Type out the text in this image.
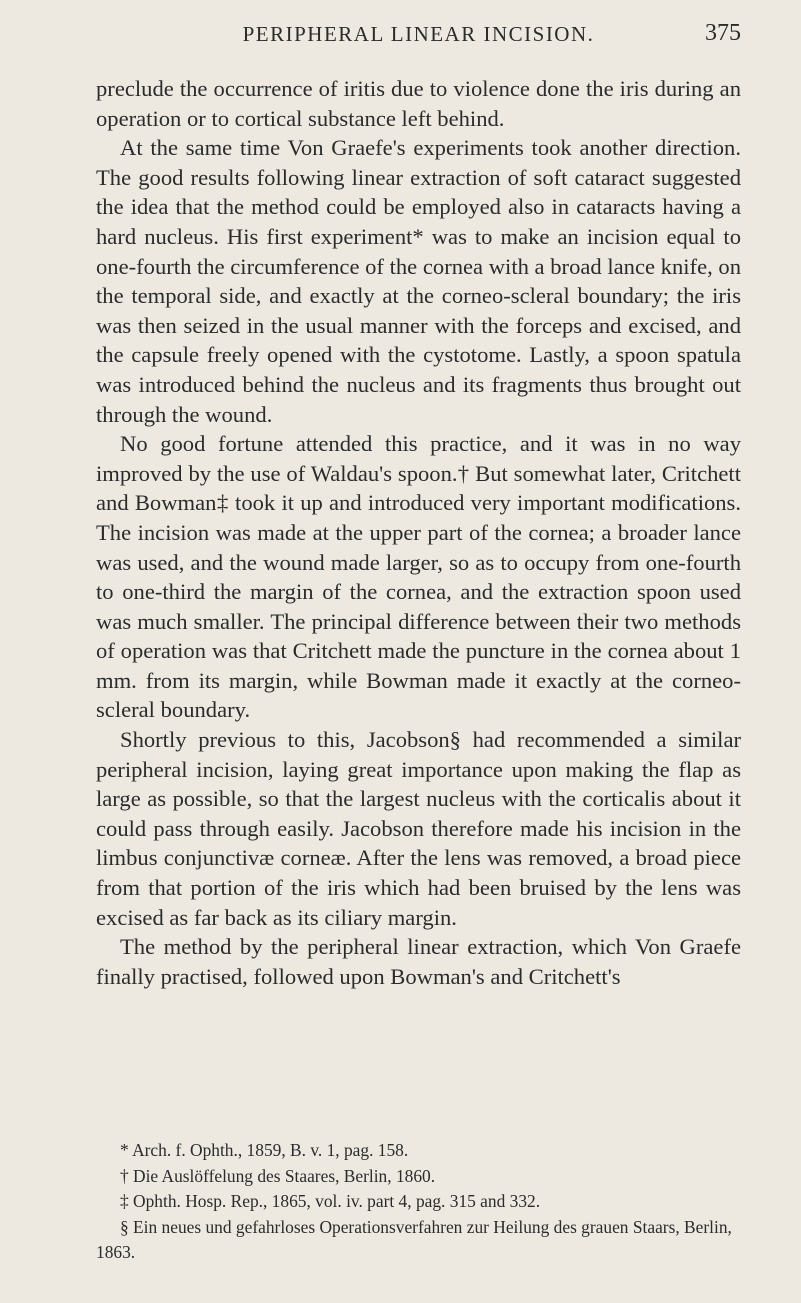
PERIPHERAL LINEAR INCISION.	375

preclude the occurrence of iritis due to violence done the iris during an operation or to cortical substance left behind.

At the same time Von Graefe's experiments took another direction. The good results following linear extraction of soft cataract suggested the idea that the method could be employed also in cataracts having a hard nucleus. His first experiment* was to make an incision equal to one-fourth the circumference of the cornea with a broad lance knife, on the temporal side, and exactly at the corneo-scleral boundary; the iris was then seized in the usual manner with the forceps and excised, and the capsule freely opened with the cystotome. Lastly, a spoon spatula was introduced behind the nucleus and its fragments thus brought out through the wound.

No good fortune attended this practice, and it was in no way improved by the use of Waldau's spoon.† But somewhat later, Critchett and Bowman‡ took it up and introduced very important modifications. The incision was made at the upper part of the cornea; a broader lance was used, and the wound made larger, so as to occupy from one-fourth to one-third the margin of the cornea, and the extraction spoon used was much smaller. The principal difference between their two methods of operation was that Critchett made the puncture in the cornea about 1 mm. from its margin, while Bowman made it exactly at the corneo-scleral boundary.

Shortly previous to this, Jacobson§ had recommended a similar peripheral incision, laying great importance upon making the flap as large as possible, so that the largest nucleus with the corticalis about it could pass through easily. Jacobson therefore made his incision in the limbus conjunctivæ corneæ. After the lens was removed, a broad piece from that portion of the iris which had been bruised by the lens was excised as far back as its ciliary margin.

The method by the peripheral linear extraction, which Von Graefe finally practised, followed upon Bowman's and Critchett's

* Arch. f. Ophth., 1859, B. v. 1, pag. 158.

† Die Auslöffelung des Staares, Berlin, 1860.

‡ Ophth. Hosp. Rep., 1865, vol. iv. part 4, pag. 315 and 332.

§ Ein neues und gefahrloses Operationsverfahren zur Heilung des grauen Staars, Berlin, 1863.
